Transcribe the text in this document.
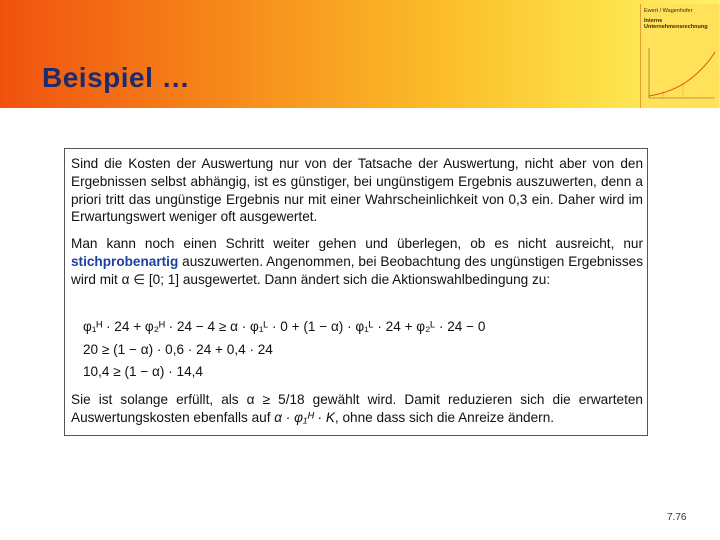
Beispiel …
Ewert / Wagenhofer
Interne
Unternehmensrechnung
Sind die Kosten der Auswertung nur von der Tatsache der Auswertung, nicht aber von den Ergebnissen selbst abhängig, ist es günstiger, bei ungünstigem Ergebnis auszuwerten, denn a priori tritt das ungünstige Ergebnis nur mit einer Wahrscheinlichkeit von 0,3 ein. Daher wird im Erwartungswert weniger oft ausgewertet.
Man kann noch einen Schritt weiter gehen und überlegen, ob es nicht ausreicht, nur stichprobenartig auszuwerten. Angenommen, bei Beobachtung des ungünstigen Ergebnisses wird mit α ∈ [0; 1] ausgewertet. Dann ändert sich die Aktionswahlbedingung zu:
φ₁ᴴ · 24 + φ₂ᴴ · 24 − 4 ≥ α · φ₁ᴸ · 0 + (1 − α) · φ₁ᴸ · 24 + φ₂ᴸ · 24 − 0
20 ≥ (1 − α) · 0,6 · 24 + 0,4 · 24
10,4 ≥ (1 − α) · 14,4
Sie ist solange erfüllt, als α ≥ 5/18 gewählt wird. Damit reduzieren sich die erwarteten Auswertungskosten ebenfalls auf α · φ₁ᴴ · K, ohne dass sich die Anreize ändern.
7.76
